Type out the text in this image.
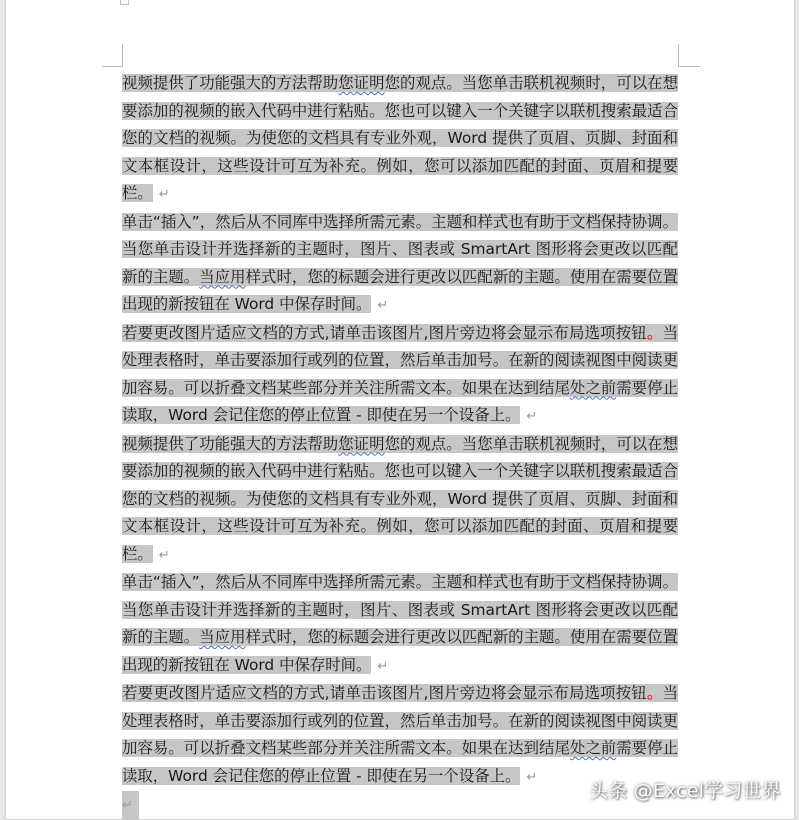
视频提供了功能强大的方法帮助您证明您的观点。当您单击联机视频时，可以在想要添加的视频的嵌入代码中进行粘贴。您也可以键入一个关键字以联机搜索最适合您的文档的视频。为使您的文档具有专业外观，Word 提供了页眉、页脚、封面和文本框设计，这些设计可互为补充。例如，您可以添加匹配的封面、页眉和提要栏。 ↵

单击“插入”，然后从不同库中选择所需元素。主题和样式也有助于文档保持协调。当您单击设计并选择新的主题时，图片、图表或 SmartArt 图形将会更改以匹配新的主题。当应用样式时，您的标题会进行更改以匹配新的主题。使用在需要位置出现的新按钮在 Word 中保存时间。 ↵

若要更改图片适应文档的方式,请单击该图片,图片旁边将会显示布局选项按钮。当处理表格时，单击要添加行或列的位置，然后单击加号。在新的阅读视图中阅读更加容易。可以折叠文档某些部分并关注所需文本。如果在达到结尾处之前需要停止读取，Word 会记住您的停止位置 - 即使在另一个设备上。 ↵

视频提供了功能强大的方法帮助您证明您的观点。当您单击联机视频时，可以在想要添加的视频的嵌入代码中进行粘贴。您也可以键入一个关键字以联机搜索最适合您的文档的视频。为使您的文档具有专业外观，Word 提供了页眉、页脚、封面和文本框设计，这些设计可互为补充。例如，您可以添加匹配的封面、页眉和提要栏。 ↵

单击“插入”，然后从不同库中选择所需元素。主题和样式也有助于文档保持协调。当您单击设计并选择新的主题时，图片、图表或 SmartArt 图形将会更改以匹配新的主题。当应用样式时，您的标题会进行更改以匹配新的主题。使用在需要位置出现的新按钮在 Word 中保存时间。 ↵

若要更改图片适应文档的方式,请单击该图片,图片旁边将会显示布局选项按钮。当处理表格时，单击要添加行或列的位置，然后单击加号。在新的阅读视图中阅读更加容易。可以折叠文档某些部分并关注所需文本。如果在达到结尾处之前需要停止读取，Word 会记住您的停止位置 - 即使在另一个设备上。 ↵

↵

头条 @Excel学习世界
